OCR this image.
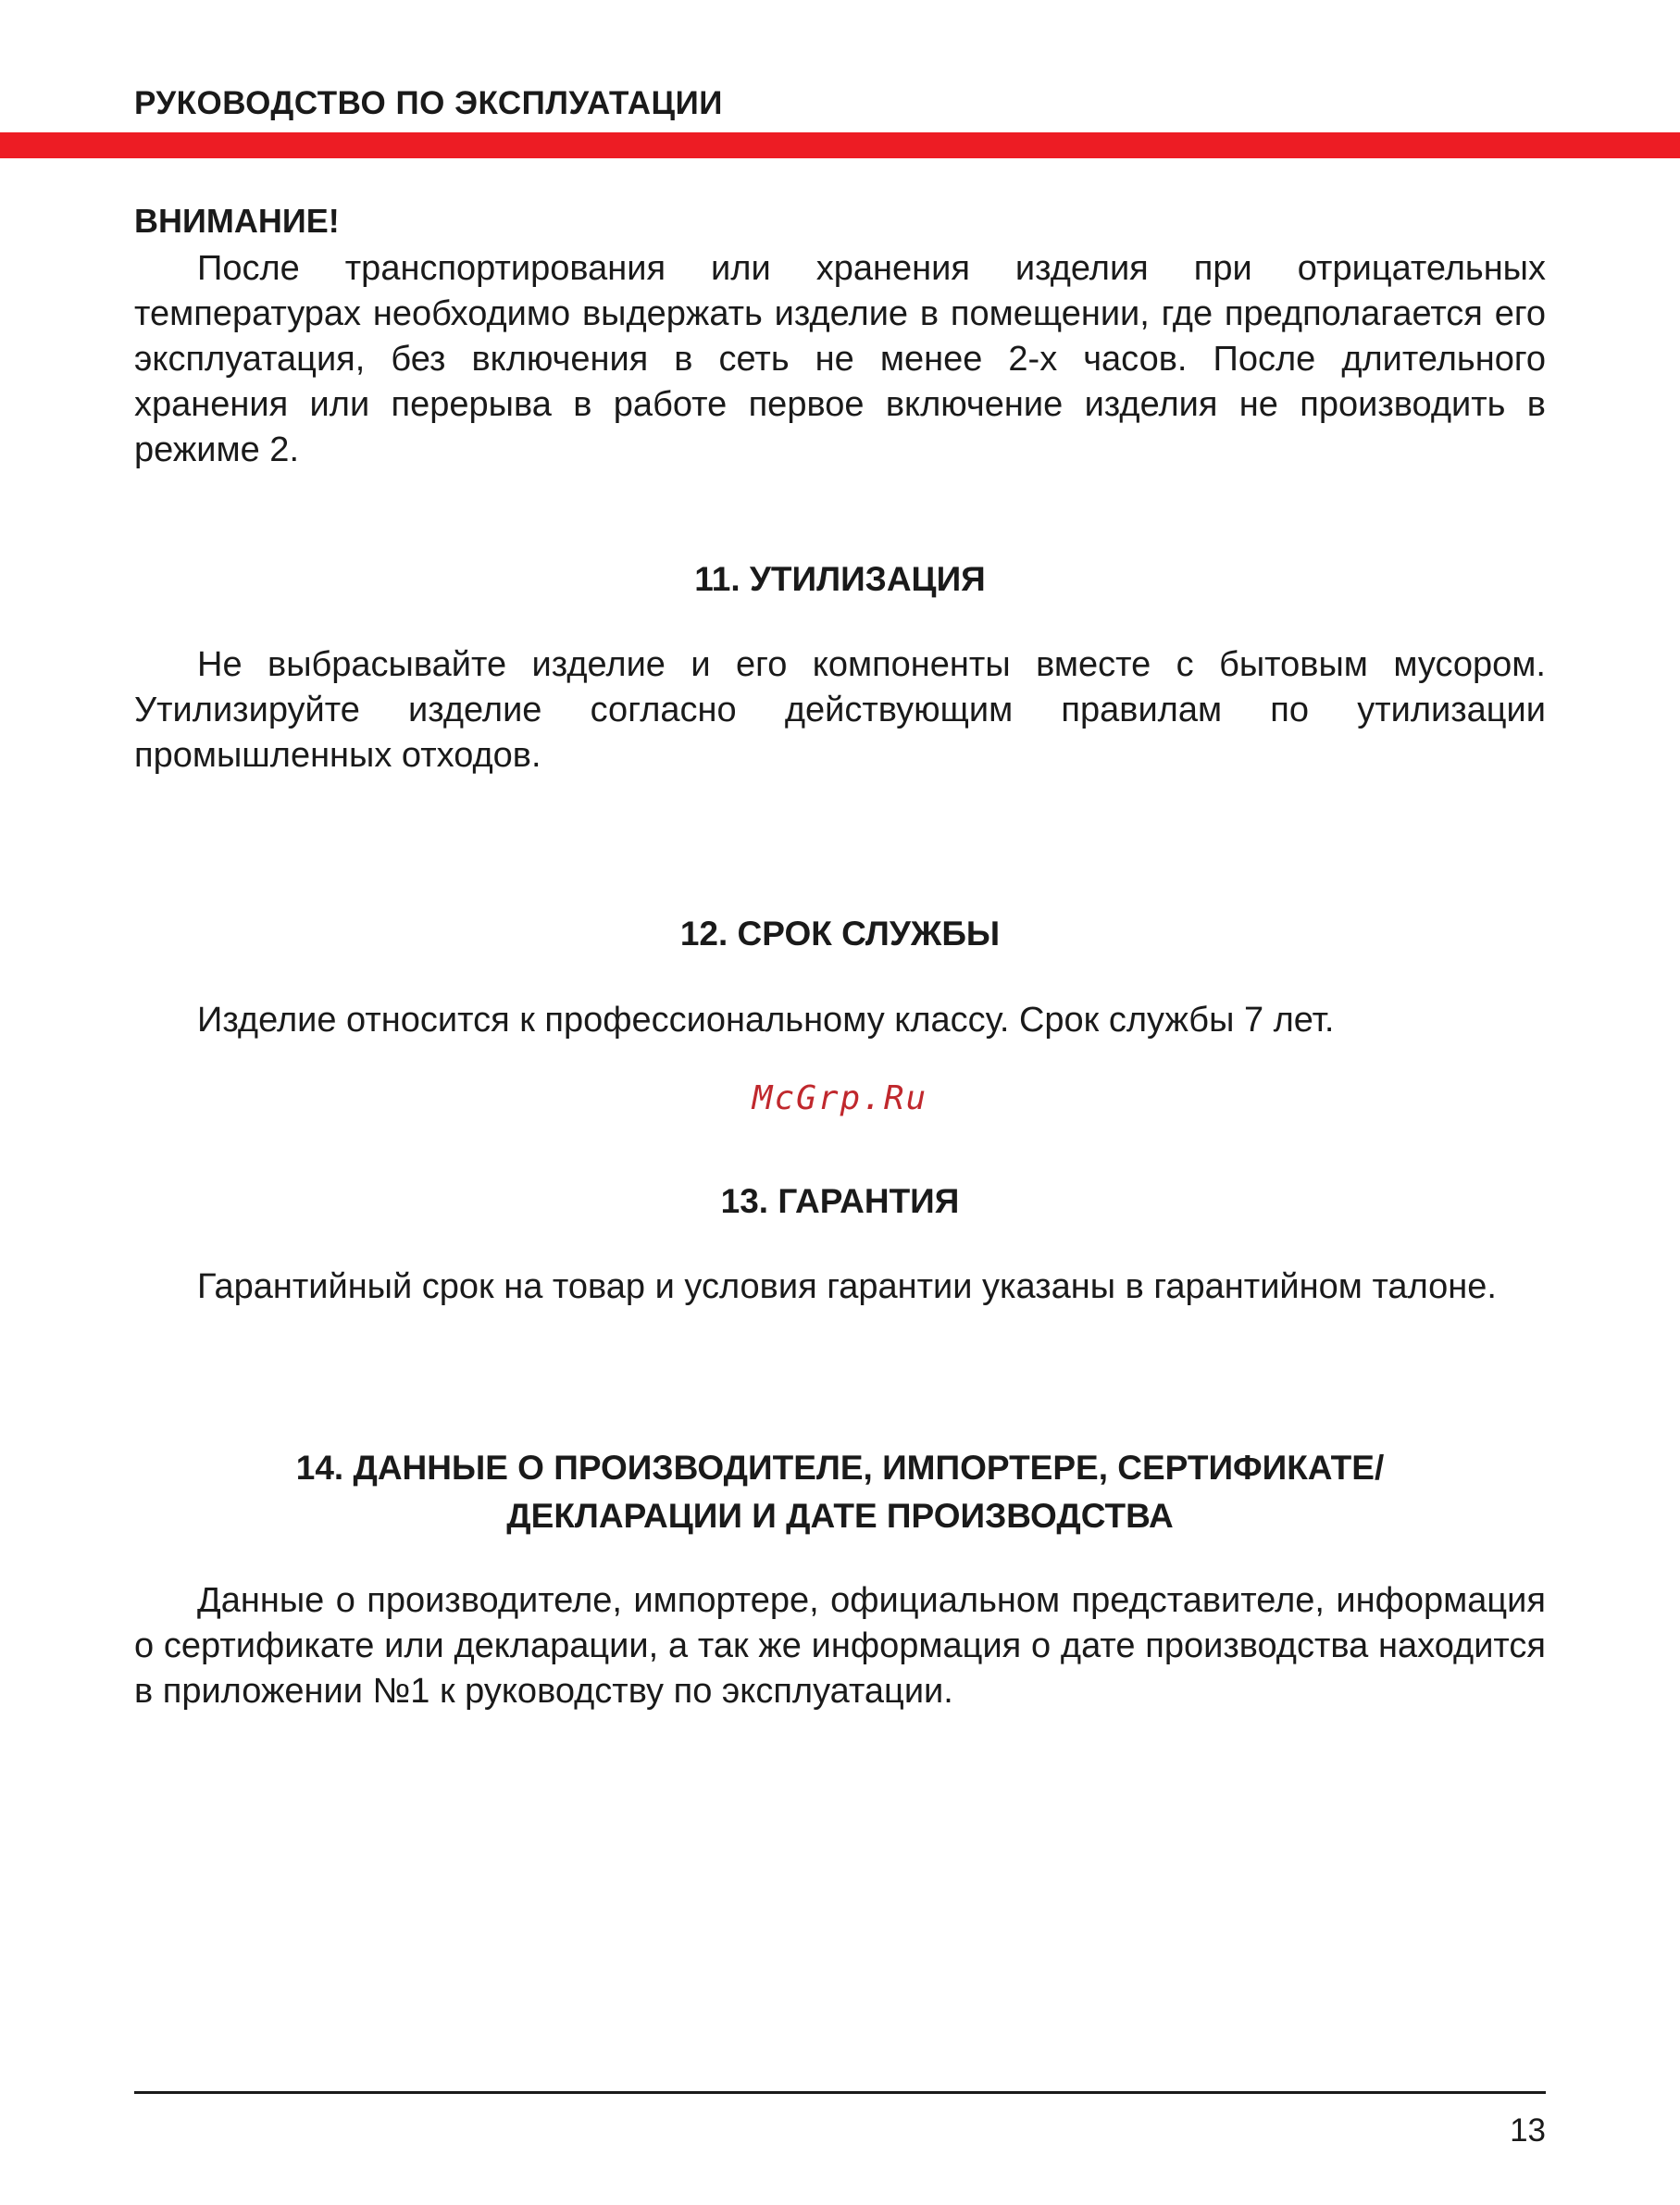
РУКОВОДСТВО ПО ЭКСПЛУАТАЦИИ
ВНИМАНИЕ!

После транспортирования или хранения изделия при отрицательных температурах необходимо выдержать изделие в помещении, где предполагается его эксплуатация, без включения в сеть не менее 2-х часов. После длительного хранения или перерыва в работе первое включение изделия не производить в режиме 2.

11. УТИЛИЗАЦИЯ

Не выбрасывайте изделие и его компоненты вместе с бытовым мусором. Утилизируйте изделие согласно действующим правилам по утилизации промышленных отходов.

12. СРОК СЛУЖБЫ

Изделие относится к профессиональному классу. Срок службы 7 лет.

McGrp.Ru
13. ГАРАНТИЯ

Гарантийный срок на товар и условия гарантии указаны в гарантийном талоне.

14. ДАННЫЕ О ПРОИЗВОДИТЕЛЕ, ИМПОРТЕРЕ, СЕРТИФИКАТЕ/
ДЕКЛАРАЦИИ И ДАТЕ ПРОИЗВОДСТВА

Данные о производителе, импортере, официальном представителе, информация о сертификате или декларации, а так же информация о дате производства находится в приложении №1 к руководству по эксплуатации.

13
